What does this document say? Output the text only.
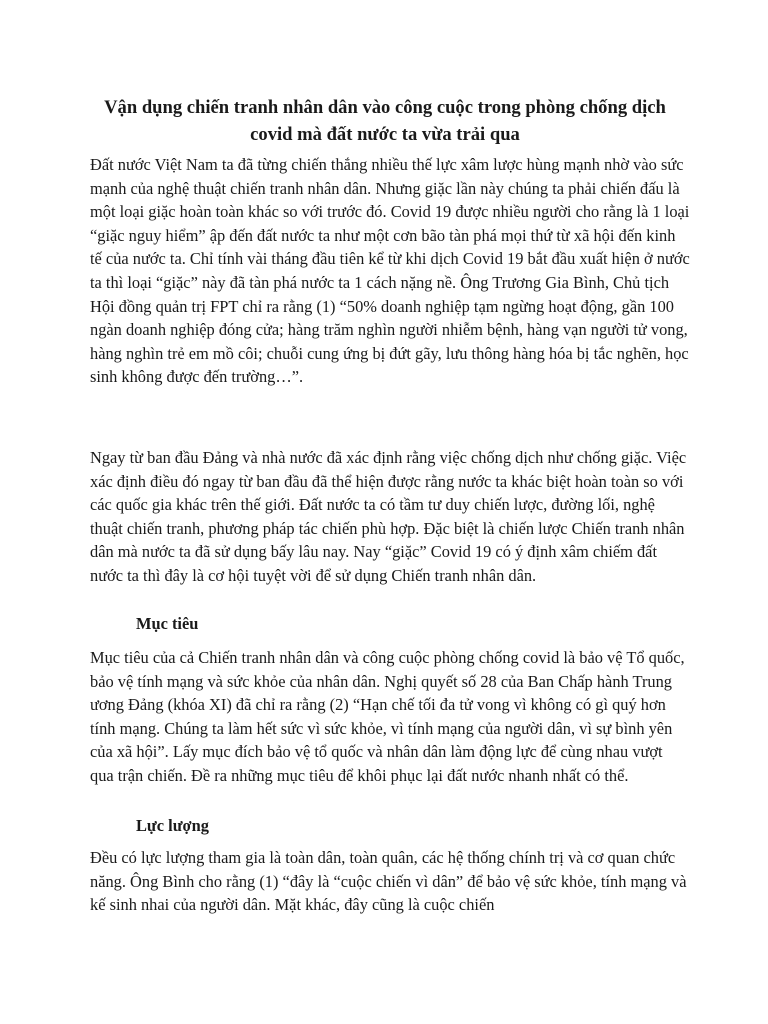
Vận dụng chiến tranh nhân dân vào công cuộc trong phòng chống dịch covid mà đất nước ta vừa trải qua

Đất nước Việt Nam ta đã từng chiến thắng nhiều thế lực xâm lược hùng mạnh nhờ vào sức mạnh của nghệ thuật chiến tranh nhân dân. Nhưng giặc lần này chúng ta phải chiến đấu là một loại giặc hoàn toàn khác so với trước đó. Covid 19 được nhiều người cho rằng là 1 loại “giặc nguy hiểm” ập đến đất nước ta như một cơn bão tàn phá mọi thứ từ xã hội đến kinh tế của nước ta. Chỉ tính vài tháng đầu tiên kể từ khi dịch Covid 19 bắt đầu xuất hiện ở nước ta thì loại “giặc” này đã tàn phá nước ta 1 cách nặng nề. Ông Trương Gia Bình, Chủ tịch Hội đồng quản trị FPT chỉ ra rằng (1) “50% doanh nghiệp tạm ngừng hoạt động, gần 100 ngàn doanh nghiệp đóng cửa; hàng trăm nghìn người nhiễm bệnh, hàng vạn người tử vong, hàng nghìn trẻ em mồ côi; chuỗi cung ứng bị đứt gãy, lưu thông hàng hóa bị tắc nghẽn, học sinh không được đến trường…”.

Ngay từ ban đầu Đảng và nhà nước đã xác định rằng việc chống dịch như chống giặc. Việc xác định điều đó ngay từ ban đầu đã thể hiện được rằng nước ta khác biệt hoàn toàn so với các quốc gia khác trên thế giới. Đất nước ta có tầm tư duy chiến lược, đường lối, nghệ thuật chiến tranh, phương pháp tác chiến phù hợp. Đặc biệt là chiến lược Chiến tranh nhân dân mà nước ta đã sử dụng bấy lâu nay. Nay “giặc” Covid 19 có ý định xâm chiếm đất nước ta thì đây là cơ hội tuyệt vời để sử dụng Chiến tranh nhân dân.

Mục tiêu

Mục tiêu của cả Chiến tranh nhân dân và công cuộc phòng chống covid là bảo vệ Tổ quốc, bảo vệ tính mạng và sức khỏe của nhân dân. Nghị quyết số 28 của Ban Chấp hành Trung ương Đảng (khóa XI) đã chỉ ra rằng (2) “Hạn chế tối đa tử vong vì không có gì quý hơn tính mạng. Chúng ta làm hết sức vì sức khỏe, vì tính mạng của người dân, vì sự bình yên của xã hội”. Lấy mục đích bảo vệ tổ quốc và nhân dân làm động lực để cùng nhau vượt qua trận chiến. Đề ra những mục tiêu để khôi phục lại đất nước nhanh nhất có thể.

Lực lượng

Đều có lực lượng tham gia là toàn dân, toàn quân, các hệ thống chính trị và cơ quan chức năng. Ông Bình cho rằng (1) “đây là “cuộc chiến vì dân” để bảo vệ sức khỏe, tính mạng và kế sinh nhai của người dân. Mặt khác, đây cũng là cuộc chiến
